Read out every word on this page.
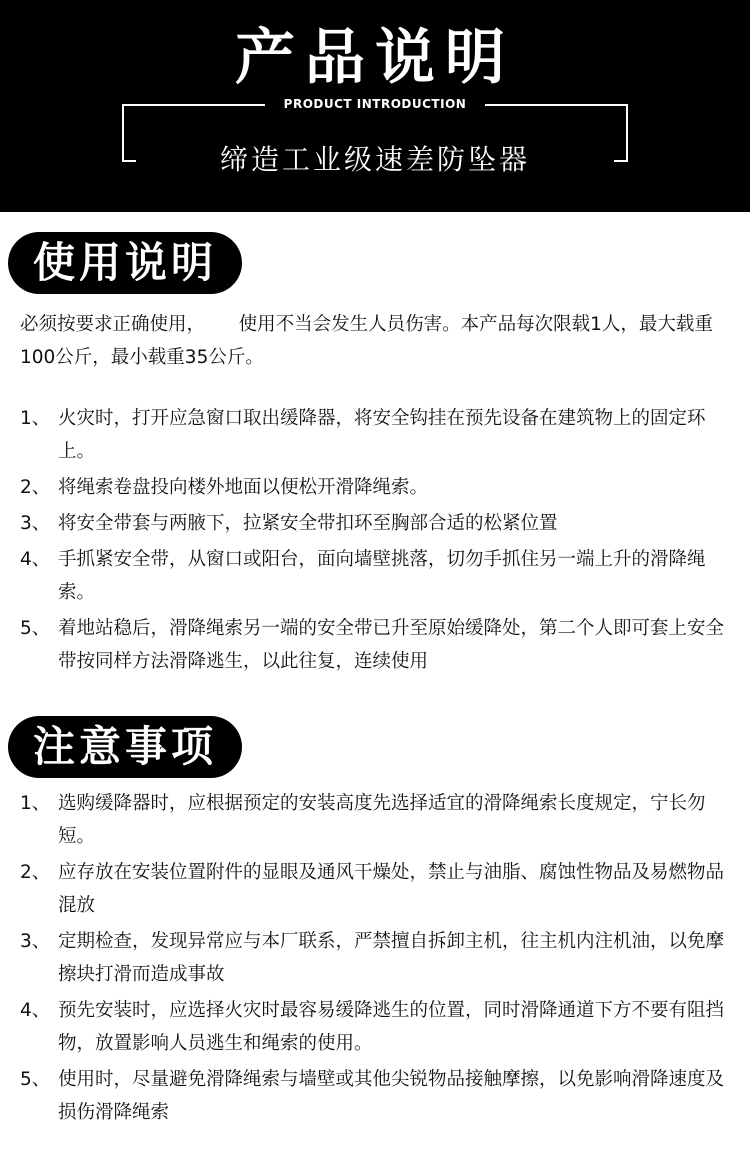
产品说明
PRODUCT INTRODUCTION
缔造工业级速差防坠器
使用说明
必须按要求正确使用，　　 使用不当会发生人员伤害。本产品每次限载1人，最大载重100公斤，最小载重35公斤。
1、 火灾时，打开应急窗口取出缓降器，将安全钩挂在预先设备在建筑物上的固定环上。
2、 将绳索卷盘投向楼外地面以便松开滑降绳索。
3、 将安全带套与两腋下，拉紧安全带扣环至胸部合适的松紧位置
4、 手抓紧安全带，从窗口或阳台，面向墙壁挑落，切勿手抓住另一端上升的滑降绳索。
5、 着地站稳后，滑降绳索另一端的安全带已升至原始缓降处，第二个人即可套上安全带按同样方法滑降逃生，以此往复，连续使用
注意事项
1、 选购缓降器时，应根据预定的安装高度先选择适宜的滑降绳索长度规定，宁长勿短。
2、 应存放在安装位置附件的显眼及通风干燥处，禁止与油脂、腐蚀性物品及易燃物品混放
3、 定期检查，发现异常应与本厂联系，严禁擅自拆卸主机，往主机内注机油，以免摩擦块打滑而造成事故
4、 预先安装时，应选择火灾时最容易缓降逃生的位置，同时滑降通道下方不要有阻挡物，放置影响人员逃生和绳索的使用。
5、 使用时，尽量避免滑降绳索与墙壁或其他尖锐物品接触摩擦，以免影响滑降速度及损伤滑降绳索
